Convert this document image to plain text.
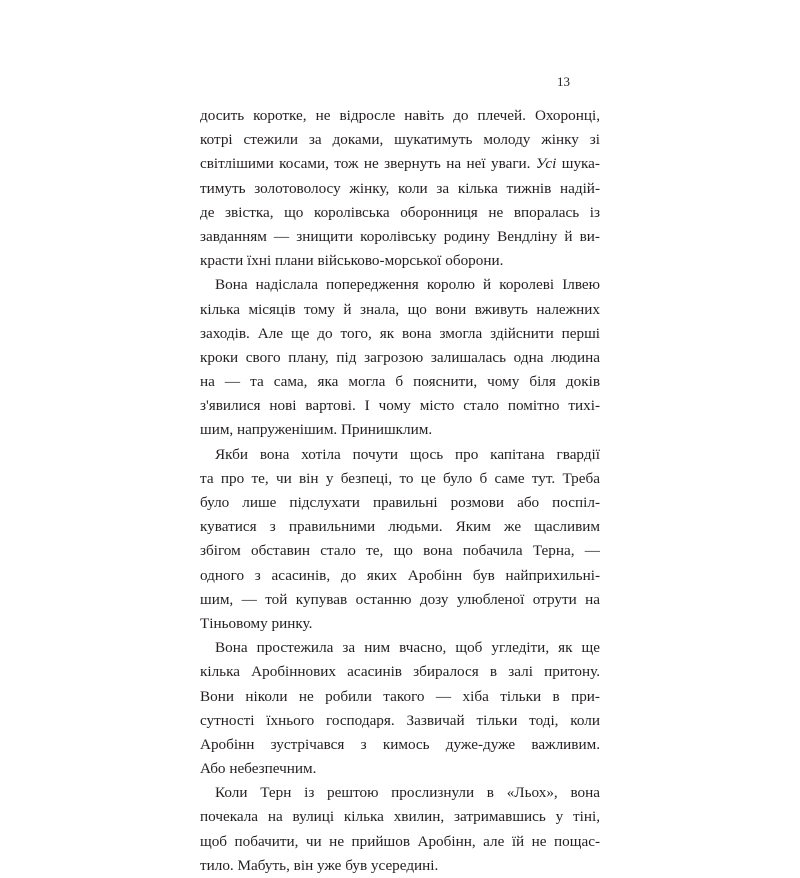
13
досить коротке, не відросле навіть до плечей. Охоронці,
котрі стежили за доками, шукатимуть молоду жінку зі
світлішими косами, тож не звернуть на неї уваги. Усі шука-
тимуть золотоволосу жінку, коли за кілька тижнів надій-
де звістка, що королівська оборонниця не впоралась із
завданням — знищити королівську родину Вендліну й ви-
красти їхні плани військово-морської оборони.
Вона надіслала попередження королю й королеві Ілвею
кілька місяців тому й знала, що вони вживуть належних
заходів. Але ще до того, як вона змогла здійснити перші
кроки свого плану, під загрозою залишалась одна людина
на — та сама, яка могла б пояснити, чому біля доків
з'явилися нові вартові. І чому місто стало помітно тихі-
шим, напруженішим. Принишклим.
Якби вона хотіла почути щось про капітана гвардії
та про те, чи він у безпеці, то це було б саме тут. Треба
було лише підслухати правильні розмови або поспіл-
куватися з правильними людьми. Яким же щасливим
збігом обставин стало те, що вона побачила Терна, —
одного з асасинів, до яких Аробінн був найприхильні-
шим, — той купував останню дозу улюбленої отрути на
Тіньовому ринку.
Вона простежила за ним вчасно, щоб угледіти, як ще
кілька Аробіннових асасинів збиралося в залі притону.
Вони ніколи не робили такого — хіба тільки в при-
сутності їхнього господаря. Зазвичай тільки тоді, коли
Аробінн зустрічався з кимось дуже-дуже важливим.
Або небезпечним.
Коли Терн із рештою прослизнули в «Льох», вона
почекала на вулиці кілька хвилин, затримавшись у тіні,
щоб побачити, чи не прийшов Аробінн, але їй не пощас-
тило. Мабуть, він уже був усередині.
